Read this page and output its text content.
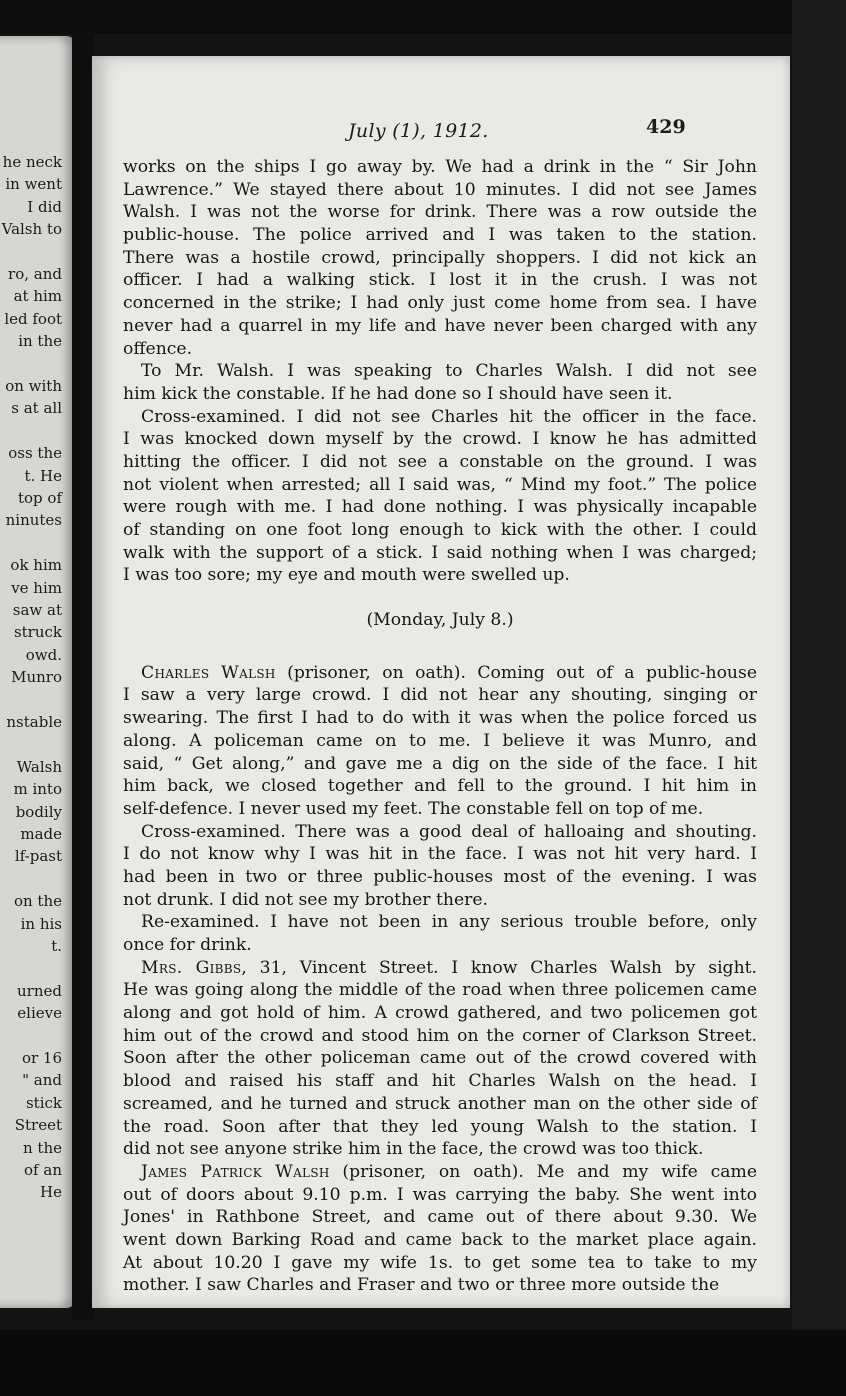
he neck
in went
I did
Valsh to
ro, and
at him
led foot
in the
on with
s at all
oss the
t. He
top of
ninutes
ok him
ve him
saw at
struck
owd.
Munro
nstable
Walsh
m into
bodily
made
lf-past
on the
in his
t.
urned
elieve
or 16
" and
stick
Street
n the
of an
He
July (1), 1912.	429
works on the ships I go away by. We had a drink in the “ Sir John
Lawrence.” We stayed there about 10 minutes. I did not see James
Walsh. I was not the worse for drink. There was a row outside the
public-house. The police arrived and I was taken to the station.
There was a hostile crowd, principally shoppers. I did not kick an
officer. I had a walking stick. I lost it in the crush. I was not
concerned in the strike; I had only just come home from sea. I have
never had a quarrel in my life and have never been charged with any
offence.
To Mr. Walsh. I was speaking to Charles Walsh. I did not see
him kick the constable. If he had done so I should have seen it.
Cross-examined. I did not see Charles hit the officer in the face.
I was knocked down myself by the crowd. I know he has admitted
hitting the officer. I did not see a constable on the ground. I was
not violent when arrested; all I said was, “ Mind my foot.” The police
were rough with me. I had done nothing. I was physically incapable
of standing on one foot long enough to kick with the other. I could
walk with the support of a stick. I said nothing when I was charged;
I was too sore; my eye and mouth were swelled up.
(Monday, July 8.)
Charles Walsh (prisoner, on oath). Coming out of a public-house
I saw a very large crowd. I did not hear any shouting, singing or
swearing. The first I had to do with it was when the police forced us
along. A policeman came on to me. I believe it was Munro, and
said, “ Get along,” and gave me a dig on the side of the face. I hit
him back, we closed together and fell to the ground. I hit him in
self-defence. I never used my feet. The constable fell on top of me.
Cross-examined. There was a good deal of halloaing and shouting.
I do not know why I was hit in the face. I was not hit very hard. I
had been in two or three public-houses most of the evening. I was
not drunk. I did not see my brother there.
Re-examined. I have not been in any serious trouble before, only
once for drink.
Mrs. Gibbs, 31, Vincent Street. I know Charles Walsh by sight.
He was going along the middle of the road when three policemen came
along and got hold of him. A crowd gathered, and two policemen got
him out of the crowd and stood him on the corner of Clarkson Street.
Soon after the other policeman came out of the crowd covered with
blood and raised his staff and hit Charles Walsh on the head. I
screamed, and he turned and struck another man on the other side of
the road. Soon after that they led young Walsh to the station. I
did not see anyone strike him in the face, the crowd was too thick.
James Patrick Walsh (prisoner, on oath). Me and my wife came
out of doors about 9.10 p.m. I was carrying the baby. She went into
Jones' in Rathbone Street, and came out of there about 9.30. We
went down Barking Road and came back to the market place again.
At about 10.20 I gave my wife 1s. to get some tea to take to my
mother. I saw Charles and Fraser and two or three more outside the
